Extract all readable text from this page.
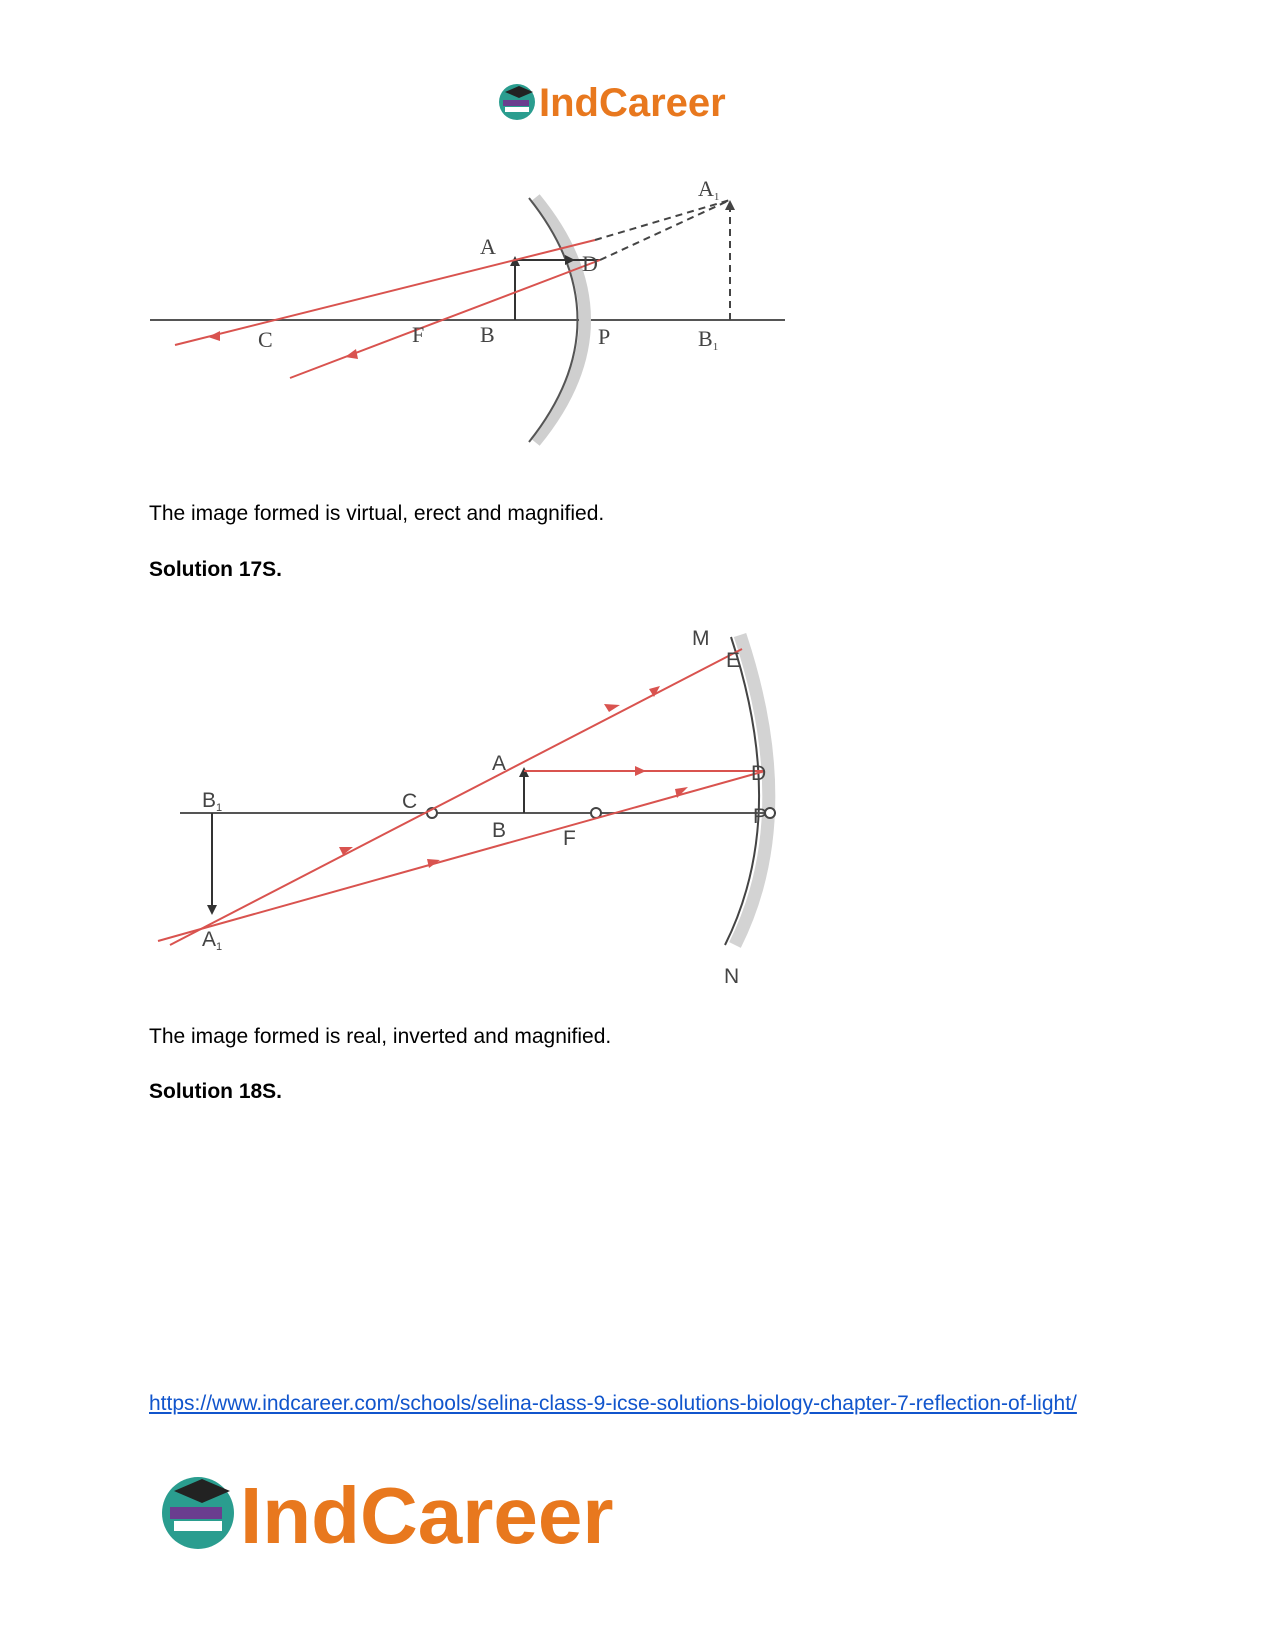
IndCareer
C	F	B
A
D
P
A1
B1

The image formed is virtual, erect and magnified.

Solution 17S.

M
E
A	D
B1	C
P
B	F
A1
N

The image formed is real, inverted and magnified.

Solution 18S.

https://www.indcareer.com/schools/selina-class-9-icse-solutions-biology-chapter-7-reflection-of-light/
IndCareer
